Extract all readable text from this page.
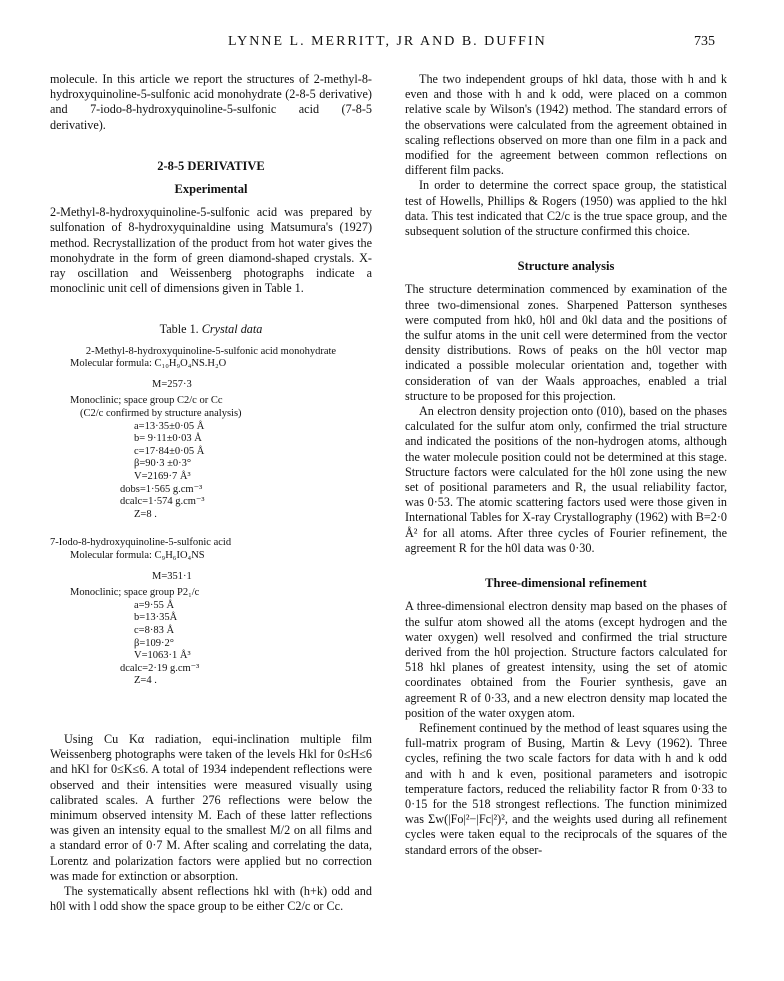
LYNNE L. MERRITT, JR AND B. DUFFIN	735

molecule. In this article we report the structures of 2-methyl-8-hydroxyquinoline-5-sulfonic acid monohydrate (2-8-5 derivative) and 7-iodo-8-hydroxyquinoline-5-sulfonic acid (7-8-5 derivative).

2-8-5 DERIVATIVE

Experimental

2-Methyl-8-hydroxyquinoline-5-sulfonic acid was prepared by sulfonation of 8-hydroxyquinaldine using Matsumura's (1927) method. Recrystallization of the product from hot water gives the monohydrate in the form of green diamond-shaped crystals. X-ray oscillation and Weissenberg photographs indicate a monoclinic unit cell of dimensions given in Table 1.

Table 1. Crystal data

2-Methyl-8-hydroxyquinoline-5-sulfonic acid monohydrate
Molecular formula: C₁₀H₉O₄NS.H₂O
M=257·3
Monoclinic; space group C2/c or Cc
(C2/c confirmed by structure analysis)
a=13·35±0·05 Å
b= 9·11±0·03 Å
c=17·84±0·05 Å
β=90·3 ±0·3°
V=2169·7 Å³
dobs=1·565 g.cm⁻³
dcalc=1·574 g.cm⁻³
Z=8 .
7-Iodo-8-hydroxyquinoline-5-sulfonic acid
Molecular formula: C₉H₆IO₄NS
M=351·1
Monoclinic; space group P2₁/c
a=9·55 Å
b=13·35Å
c=8·83 Å
β=109·2°
V=1063·1 Å³
dcalc=2·19 g.cm⁻³
Z=4 .

Using Cu Kα radiation, equi-inclination multiple film Weissenberg photographs were taken of the levels Hkl for 0≤H≤6 and hKl for 0≤K≤6. A total of 1934 independent reflections were observed and their intensities were measured visually using calibrated scales. A further 276 reflections were below the minimum observed intensity M. Each of these latter reflections was given an intensity equal to the smallest M/2 on all films and a standard error of 0·7 M. After scaling and correlating the data, Lorentz and polarization factors were applied but no correction was made for extinction or absorption.

The systematically absent reflections hkl with (h+k) odd and h0l with l odd show the space group to be either C2/c or Cc.

The two independent groups of hkl data, those with h and k even and those with h and k odd, were placed on a common relative scale by Wilson's (1942) method. The standard errors of the observations were calculated from the agreement obtained in scaling reflections observed on more than one film in a pack and modified for the agreement between common reflections on different film packs.

In order to determine the correct space group, the statistical test of Howells, Phillips & Rogers (1950) was applied to the hkl data. This test indicated that C2/c is the true space group, and the subsequent solution of the structure confirmed this choice.

Structure analysis

The structure determination commenced by examination of the three two-dimensional zones. Sharpened Patterson syntheses were computed from hk0, h0l and 0kl data and the positions of the sulfur atoms in the unit cell were determined from the vector density distributions. Rows of peaks on the h0l vector map indicated a possible molecular orientation and, together with consideration of van der Waals approaches, enabled a trial structure to be proposed for this projection.

An electron density projection onto (010), based on the phases calculated for the sulfur atom only, confirmed the trial structure and indicated the positions of the non-hydrogen atoms, although the water molecule position could not be determined at this stage. Structure factors were calculated for the h0l zone using the new set of positional parameters and R, the usual reliability factor, was 0·53. The atomic scattering factors used were those given in International Tables for X-ray Crystallography (1962) with B=2·0 Å² for all atoms. After three cycles of Fourier refinement, the agreement R for the h0l data was 0·30.

Three-dimensional refinement

A three-dimensional electron density map based on the phases of the sulfur atom showed all the atoms (except hydrogen and the water oxygen) well resolved and confirmed the trial structure derived from the h0l projection. Structure factors calculated for 518 hkl planes of greatest intensity, using the set of atomic coordinates obtained from the Fourier synthesis, gave an agreement R of 0·33, and a new electron density map located the position of the water oxygen atom.

Refinement continued by the method of least squares using the full-matrix program of Busing, Martin & Levy (1962). Three cycles, refining the two scale factors for data with h and k odd and with h and k even, positional parameters and isotropic temperature factors, reduced the reliability factor R from 0·33 to 0·15 for the 518 strongest reflections. The function minimized was Σw(|Fo|²−|Fc|²)², and the weights used during all refinement cycles were taken equal to the reciprocals of the squares of the standard errors of the obser-
